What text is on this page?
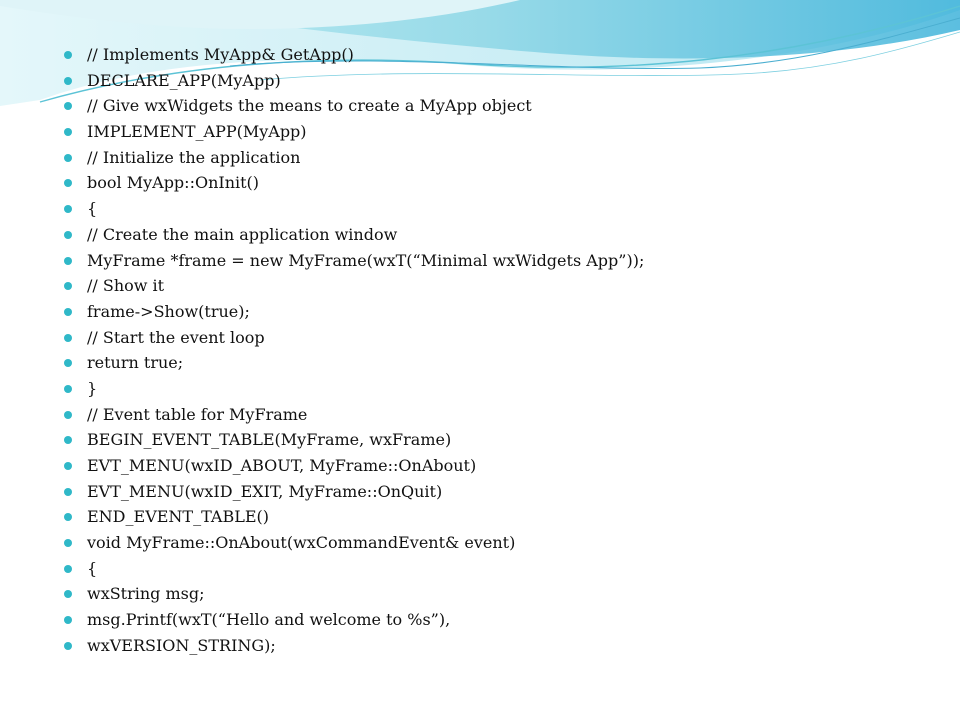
// Implements MyApp& GetApp()
DECLARE_APP(MyApp)
// Give wxWidgets the means to create a MyApp object
IMPLEMENT_APP(MyApp)
// Initialize the application
bool MyApp::OnInit()
{
// Create the main application window
MyFrame *frame = new MyFrame(wxT(“Minimal wxWidgets App”));
// Show it
frame->Show(true);
// Start the event loop
return true;
}
// Event table for MyFrame
BEGIN_EVENT_TABLE(MyFrame, wxFrame)
EVT_MENU(wxID_ABOUT, MyFrame::OnAbout)
EVT_MENU(wxID_EXIT, MyFrame::OnQuit)
END_EVENT_TABLE()
void MyFrame::OnAbout(wxCommandEvent& event)
{
wxString msg;
msg.Printf(wxT(“Hello and welcome to %s”),
wxVERSION_STRING);
